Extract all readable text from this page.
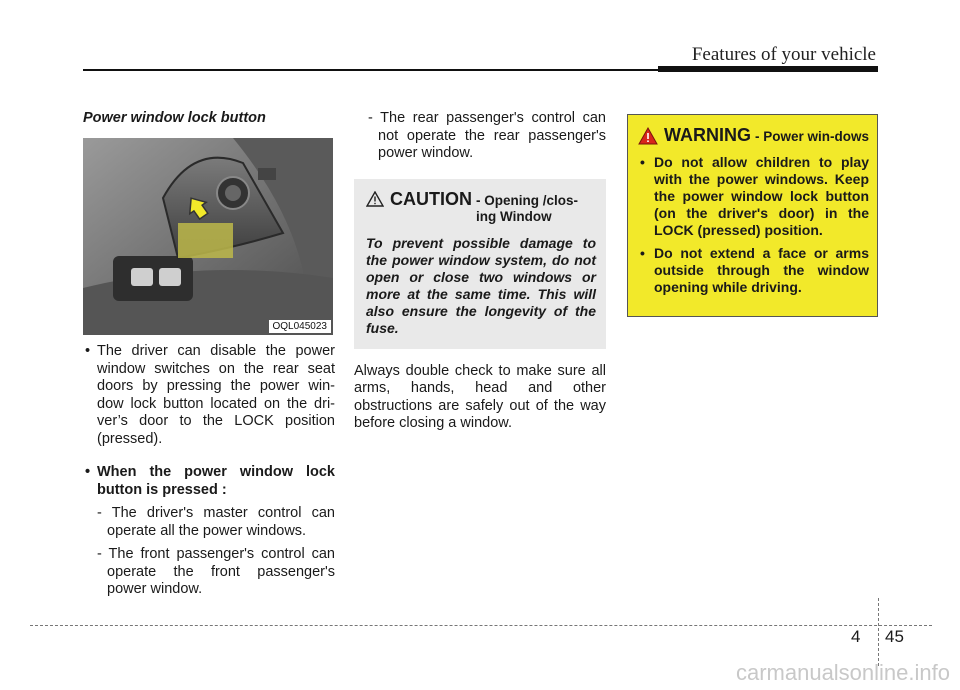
Features of your vehicle
Power window lock button
OQL045023

• The driver can disable the power window switches on the rear seat doors by pressing the power win-dow lock button located on the dri-ver’s door to the LOCK position (pressed).

• When the power window lock button is pressed :

- The driver's master control can operate all the power windows.

- The front passenger's control can operate the front passenger's power window.

- The rear passenger's control can not operate the rear passenger's power window.

CAUTION - Opening /clos-ing Window
To prevent possible damage to the power window system, do not open or close two windows or more at the same time. This will also ensure the longevity of the fuse.

Always double check to make sure all arms, hands, head and other obstructions are safely out of the way before closing a window.

WARNING - Power win-dows
• Do not allow children to play with the power windows. Keep the power window lock button (on the driver's door) in the LOCK (pressed) position.
• Do not extend a face or arms outside through the window opening while driving.
4 45
carmanualsonline.info
